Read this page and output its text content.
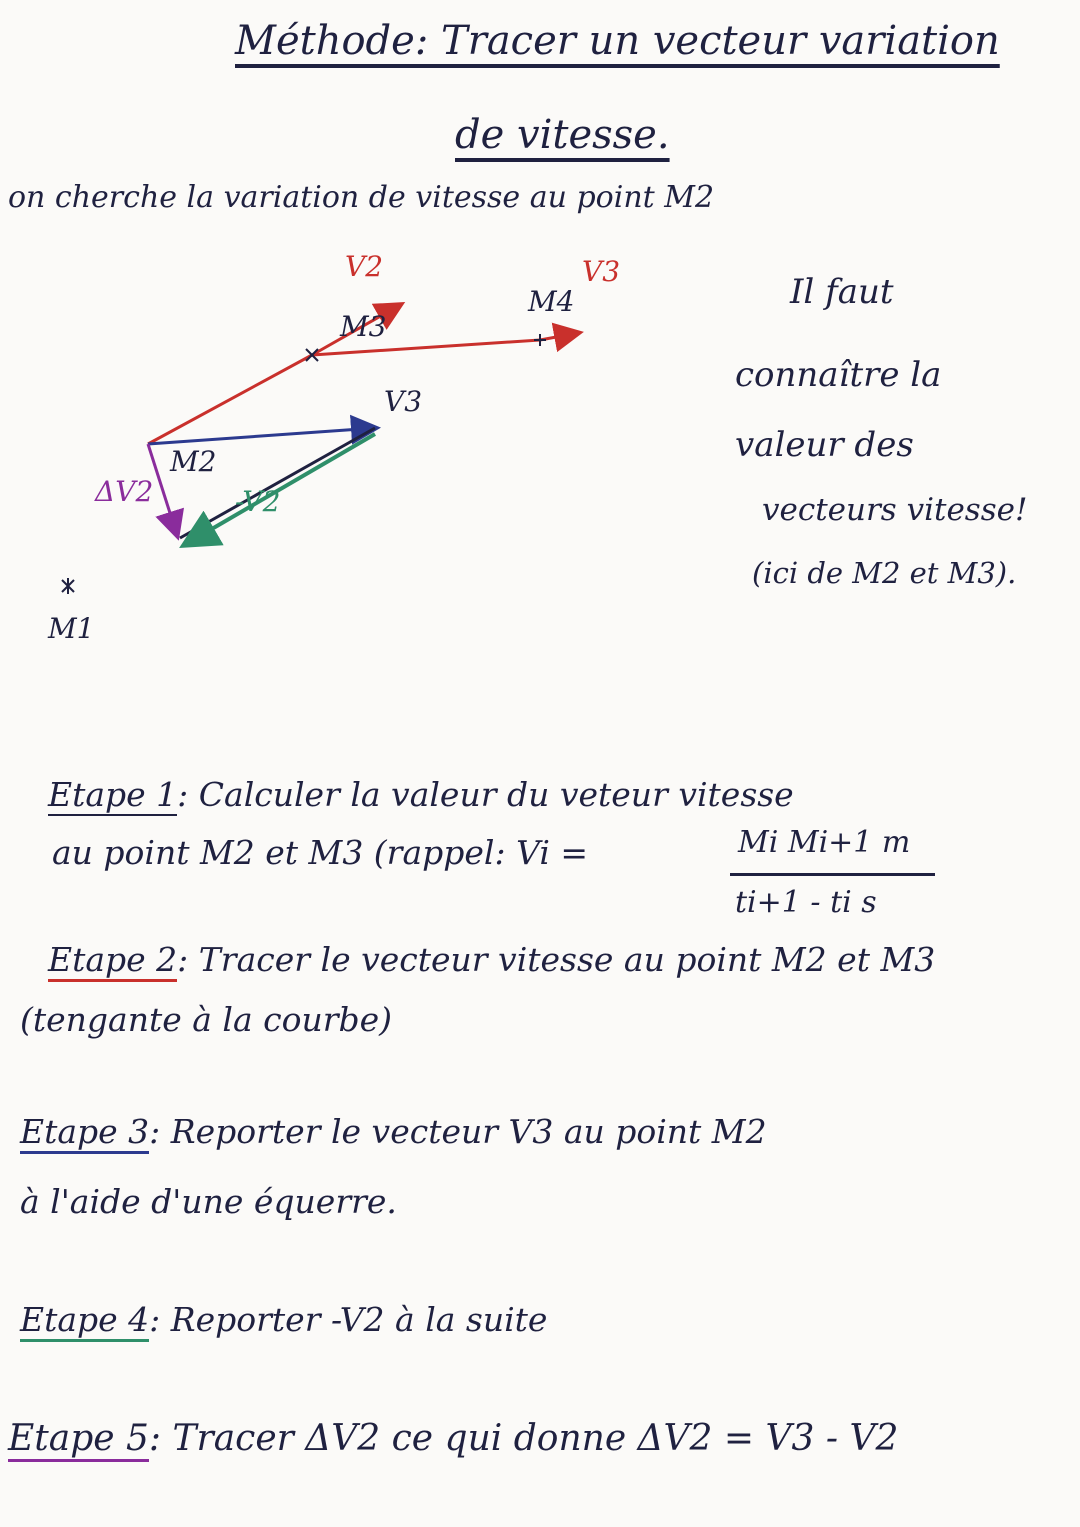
Méthode: Tracer un vecteur variation
de vitesse.
on cherche la variation de vitesse au point M2
M1
M2
M3
M4
V2	V3
V3
-V2
ΔV2
Il faut
connaître la
valeur des
vecteurs vitesse!
(ici de M2 et M3).
Etape 1: Calculer la valeur du veteur vitesse
au point M2 et M3 (rappel: Vi =	Mi Mi+1 m
ti+1 - ti s
Etape 2: Tracer le vecteur vitesse au point M2 et M3
(tengante à la courbe)
Etape 3: Reporter le vecteur V3 au point M2
à l'aide d'une équerre.
Etape 4: Reporter -V2 à la suite
Etape 5: Tracer ΔV2 ce qui donne ΔV2 = V3 - V2
